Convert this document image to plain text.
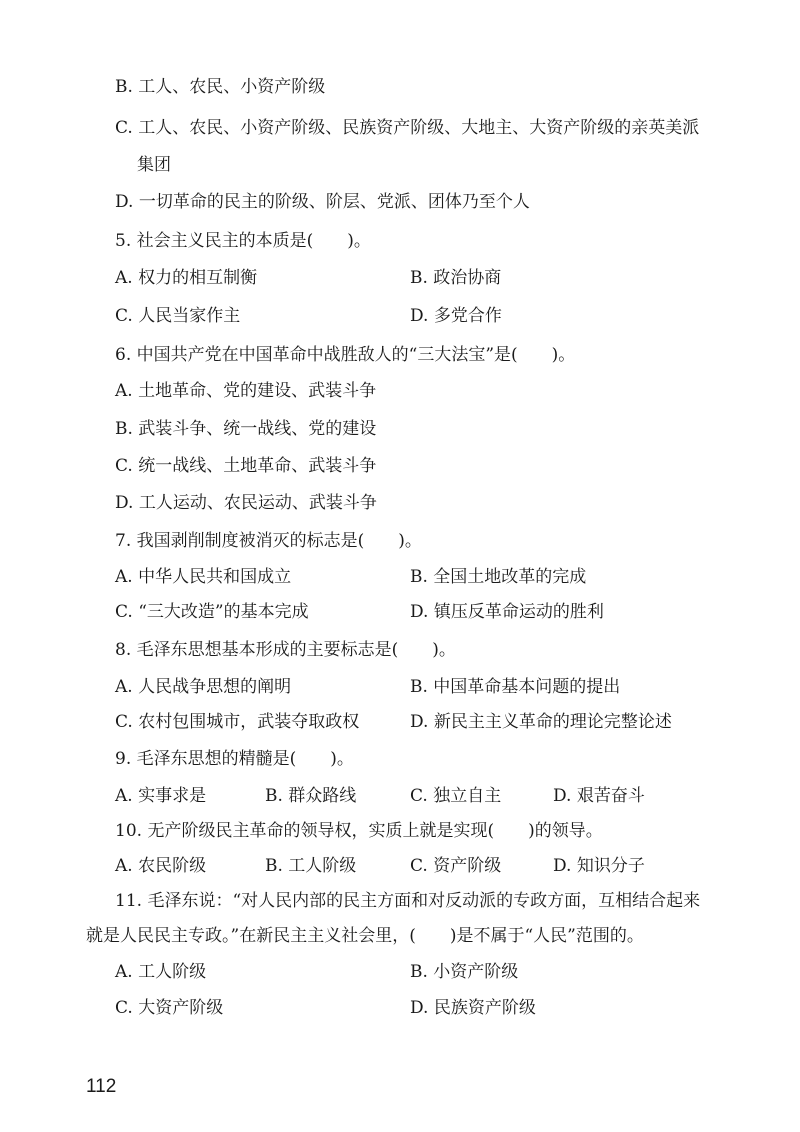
B. 工人、农民、小资产阶级
C. 工人、农民、小资产阶级、民族资产阶级、大地主、大资产阶级的亲英美派
集团
D. 一切革命的民主的阶级、阶层、党派、团体乃至个人
5. 社会主义民主的本质是(　　)。
A. 权力的相互制衡	B. 政治协商
C. 人民当家作主	D. 多党合作
6. 中国共产党在中国革命中战胜敌人的“三大法宝”是(　　)。
A. 土地革命、党的建设、武装斗争
B. 武装斗争、统一战线、党的建设
C. 统一战线、土地革命、武装斗争
D. 工人运动、农民运动、武装斗争
7. 我国剥削制度被消灭的标志是(　　)。
A. 中华人民共和国成立	B. 全国土地改革的完成
C. “三大改造”的基本完成	D. 镇压反革命运动的胜利
8. 毛泽东思想基本形成的主要标志是(　　)。
A. 人民战争思想的阐明	B. 中国革命基本问题的提出
C. 农村包围城市，武装夺取政权	D. 新民主主义革命的理论完整论述
9. 毛泽东思想的精髓是(　　)。
A. 实事求是	B. 群众路线	C. 独立自主	D. 艰苦奋斗
10. 无产阶级民主革命的领导权，实质上就是实现(　　)的领导。
A. 农民阶级	B. 工人阶级	C. 资产阶级	D. 知识分子
11. 毛泽东说：“对人民内部的民主方面和对反动派的专政方面，互相结合起来
就是人民民主专政。”在新民主主义社会里，(　　)是不属于“人民”范围的。
A. 工人阶级	B. 小资产阶级
C. 大资产阶级	D. 民族资产阶级
112
